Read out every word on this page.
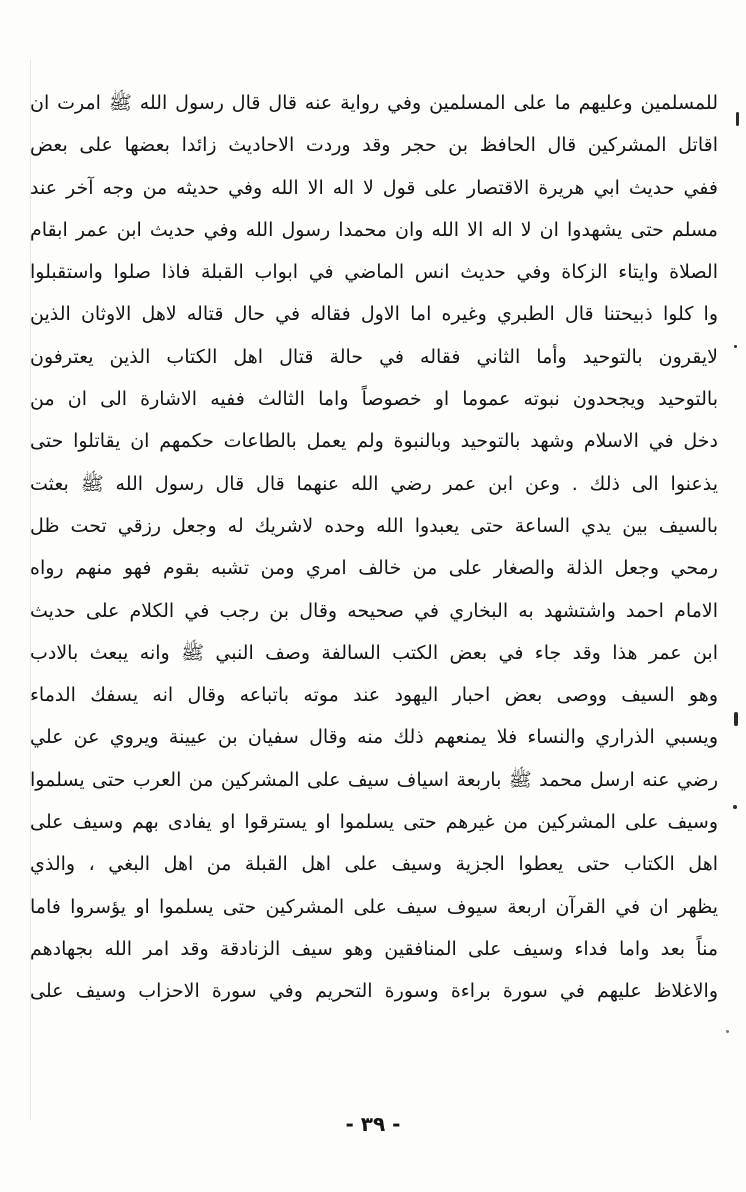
للمسلمين وعليهم ما على المسلمين وفي رواية عنه قال قال رسول الله ﷺ امرت ان
اقاتل المشركين قال الحافظ بن حجر وقد وردت الاحاديث زائدا بعضها على بعض
ففي حديث ابي هريرة الاقتصار على قول لا اله الا الله وفي حديثه من وجه آخر عند
مسلم حتى يشهدوا ان لا اله الا الله وان محمدا رسول الله وفي حديث ابن عمر ابقام
الصلاة وايتاء الزكاة وفي حديث انس الماضي في ابواب القبلة فاذا صلوا واستقبلوا
وا كلوا ذبيحتنا قال الطبري وغيره اما الاول فقاله في حال قتاله لاهل الاوثان الذين
لايقرون بالتوحيد وأما الثاني فقاله في حالة قتال اهل الكتاب الذين يعترفون
بالتوحيد ويجحدون نبوته عموما او خصوصاً واما الثالث ففيه الاشارة الى ان من
دخل في الاسلام وشهد بالتوحيد وبالنبوة ولم يعمل بالطاعات حكمهم ان يقاتلوا حتى
يذعنوا الى ذلك . وعن ابن عمر رضي الله عنهما قال قال رسول الله ﷺ بعثت
بالسيف بين يدي الساعة حتى يعبدوا الله وحده لاشريك له وجعل رزقي تحت ظل
رمحي وجعل الذلة والصغار على من خالف امري ومن تشبه بقوم فهو منهم رواه
الامام احمد واشتشهد به البخاري في صحيحه وقال بن رجب في الكلام على حديث
ابن عمر هذا وقد جاء في بعض الكتب السالفة وصف النبي ﷺ وانه يبعث بالادب
وهو السيف ووصى بعض احبار اليهود عند موته باتباعه وقال انه يسفك الدماء
ويسبي الذراري والنساء فلا يمنعهم ذلك منه وقال سفيان بن عيينة ويروي عن علي
رضي عنه ارسل محمد ﷺ باربعة اسياف سيف على المشركين من العرب حتى يسلموا
وسيف على المشركين من غيرهم حتى يسلموا او يسترقوا او يفادى بهم وسيف على
اهل الكتاب حتى يعطوا الجزية وسيف على اهل القبلة من اهل البغي ، والذي
يظهر ان في القرآن اربعة سيوف سيف على المشركين حتى يسلموا او يؤسروا فاما
مناً بعد واما فداء وسيف على المنافقين وهو سيف الزنادقة وقد امر الله بجهادهم
والاغلاظ عليهم في سورة براءة وسورة التحريم وفي سورة الاحزاب وسيف على
- ٣٩ -
